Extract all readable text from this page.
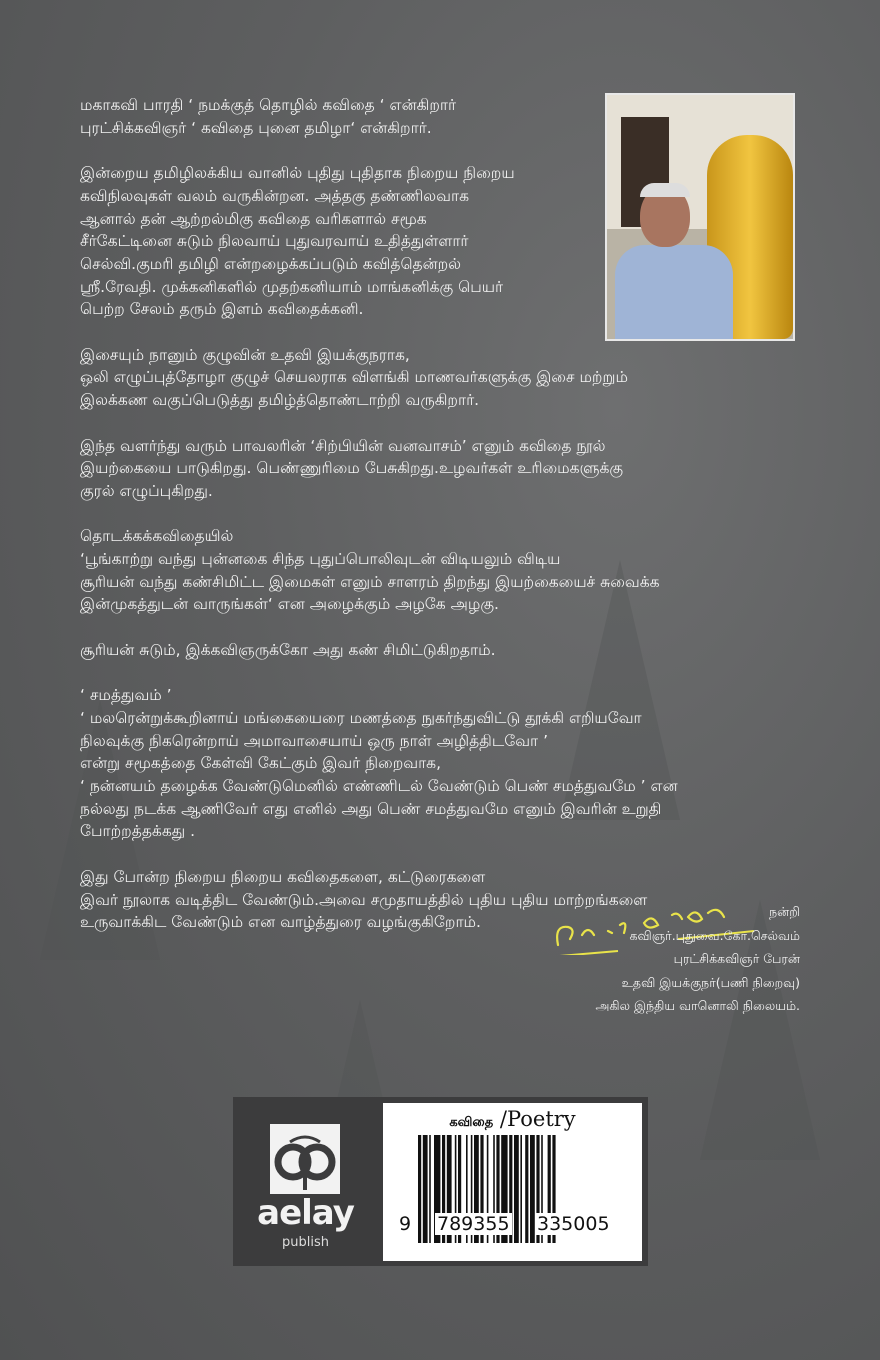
மகாகவி பாரதி ‘ நமக்குத் தொழில் கவிதை ‘ என்கிறார்
புரட்சிக்கவிஞர் ‘ கவிதை புனை தமிழா‘ என்கிறார்.
இன்றைய தமிழிலக்கிய வானில் புதிது புதிதாக நிறைய நிறைய
கவிநிலவுகள் வலம் வருகின்றன. அத்தகு தண்ணிலவாக
ஆனால் தன் ஆற்றல்மிகு கவிதை வரிகளால் சமூக
சீர்கேட்டினை சுடும் நிலவாய் புதுவரவாய் உதித்துள்ளார்
செல்வி.குமரி தமிழி என்றழைக்கப்படும் கவித்தென்றல்
ஸ்ரீ.ரேவதி. முக்கனிகளில் முதற்கனியாம் மாங்கனிக்கு பெயர்
பெற்ற சேலம் தரும் இளம் கவிதைக்கனி.
இசையும் நானும் குழுவின் உதவி இயக்குநராக,
ஒலி எழுப்புத்தோழா குழுச் செயலராக விளங்கி மாணவர்களுக்கு இசை மற்றும்
இலக்கண வகுப்பெடுத்து தமிழ்த்தொண்டாற்றி வருகிறார்.
இந்த வளர்ந்து வரும் பாவலரின் ‘சிற்பியின் வனவாசம்’ எனும் கவிதை நூல்
இயற்கையை பாடுகிறது. பெண்ணுரிமை பேசுகிறது.உழவர்கள் உரிமைகளுக்கு
குரல் எழுப்புகிறது.
தொடக்கக்கவிதையில்
‘பூங்காற்று வந்து புன்னகை சிந்த புதுப்பொலிவுடன் விடியலும் விடிய
சூரியன் வந்து கண்சிமிட்ட இமைகள் எனும் சாளரம் திறந்து இயற்கையைச் சுவைக்க
இன்முகத்துடன் வாருங்கள்‘ என அழைக்கும் அழகே அழகு.
சூரியன் சுடும், இக்கவிஞருக்கோ அது கண் சிமிட்டுகிறதாம்.
‘ சமத்துவம் ’
‘ மலரென்றுக்கூறினாய் மங்கையைரை மணத்தை நுகர்ந்துவிட்டு தூக்கி எறியவோ
நிலவுக்கு நிகரென்றாய் அமாவாசையாய் ஒரு நாள் அழித்திடவோ ’
என்று சமூகத்தை கேள்வி கேட்கும் இவர் நிறைவாக,
‘ நன்னயம் தழைக்க வேண்டுமெனில் எண்ணிடல் வேண்டும் பெண் சமத்துவமே ’ என
நல்லது நடக்க ஆணிவேர் எது எனில் அது பெண் சமத்துவமே எனும் இவரின் உறுதி
போற்றத்தக்கது .
இது போன்ற நிறைய நிறைய கவிதைகளை, கட்டுரைகளை
இவர் நூலாக வடித்திட வேண்டும்.அவை சமுதாயத்தில் புதிய புதிய மாற்றங்களை
உருவாக்கிட வேண்டும் என வாழ்த்துரை வழங்குகிறோம்.
நன்றி
கவிஞர்.புதுவை.கோ.செல்வம்
புரட்சிக்கவிஞர் பேரன்
உதவி இயக்குநர்(பணி நிறைவு)
அகில இந்திய வானொலி நிலையம்.
aelay
publish
கவிதை /Poetry
9 789355 335005
